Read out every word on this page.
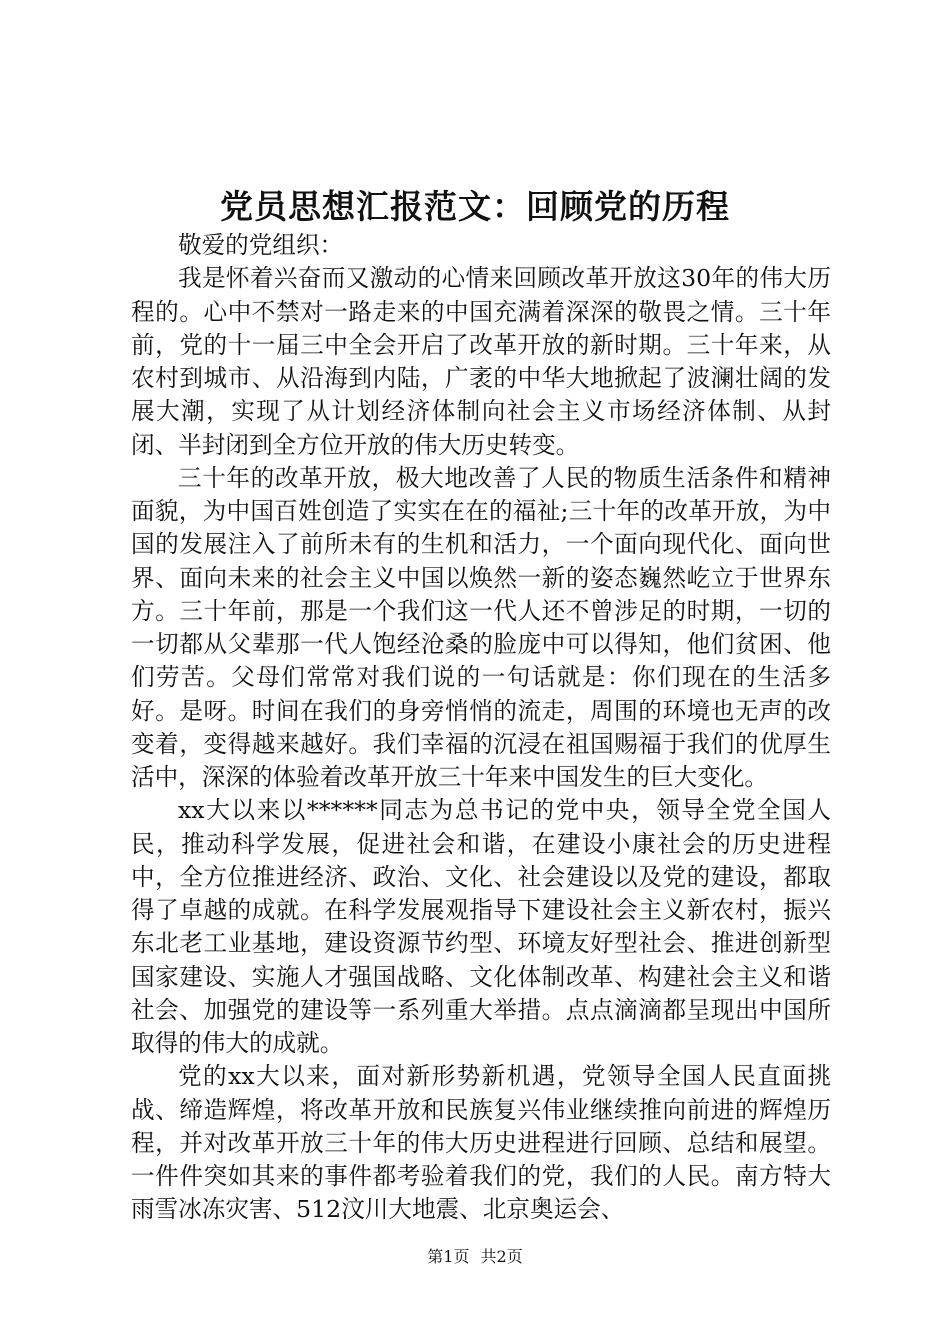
党员思想汇报范文：回顾党的历程

敬爱的党组织：

我是怀着兴奋而又激动的心情来回顾改革开放这30年的伟大历程的。心中不禁对一路走来的中国充满着深深的敬畏之情。三十年前，党的十一届三中全会开启了改革开放的新时期。三十年来，从农村到城市、从沿海到内陆，广袤的中华大地掀起了波澜壮阔的发展大潮，实现了从计划经济体制向社会主义市场经济体制、从封闭、半封闭到全方位开放的伟大历史转变。

三十年的改革开放，极大地改善了人民的物质生活条件和精神面貌，为中国百姓创造了实实在在的福祉;三十年的改革开放，为中国的发展注入了前所未有的生机和活力，一个面向现代化、面向世界、面向未来的社会主义中国以焕然一新的姿态巍然屹立于世界东方。三十年前，那是一个我们这一代人还不曾涉足的时期，一切的一切都从父辈那一代人饱经沧桑的脸庞中可以得知，他们贫困、他们劳苦。父母们常常对我们说的一句话就是：你们现在的生活多好。是呀。时间在我们的身旁悄悄的流走，周围的环境也无声的改变着，变得越来越好。我们幸福的沉浸在祖国赐福于我们的优厚生活中，深深的体验着改革开放三十年来中国发生的巨大变化。

xx大以来以******同志为总书记的党中央，领导全党全国人民，推动科学发展，促进社会和谐，在建设小康社会的历史进程中，全方位推进经济、政治、文化、社会建设以及党的建设，都取得了卓越的成就。在科学发展观指导下建设社会主义新农村，振兴东北老工业基地，建设资源节约型、环境友好型社会、推进创新型国家建设、实施人才强国战略、文化体制改革、构建社会主义和谐社会、加强党的建设等一系列重大举措。点点滴滴都呈现出中国所取得的伟大的成就。

党的xx大以来，面对新形势新机遇，党领导全国人民直面挑战、缔造辉煌，将改革开放和民族复兴伟业继续推向前进的辉煌历程，并对改革开放三十年的伟大历史进程进行回顾、总结和展望。一件件突如其来的事件都考验着我们的党，我们的人民。南方特大雨雪冰冻灾害、512汶川大地震、北京奥运会、

第1页 共2页
